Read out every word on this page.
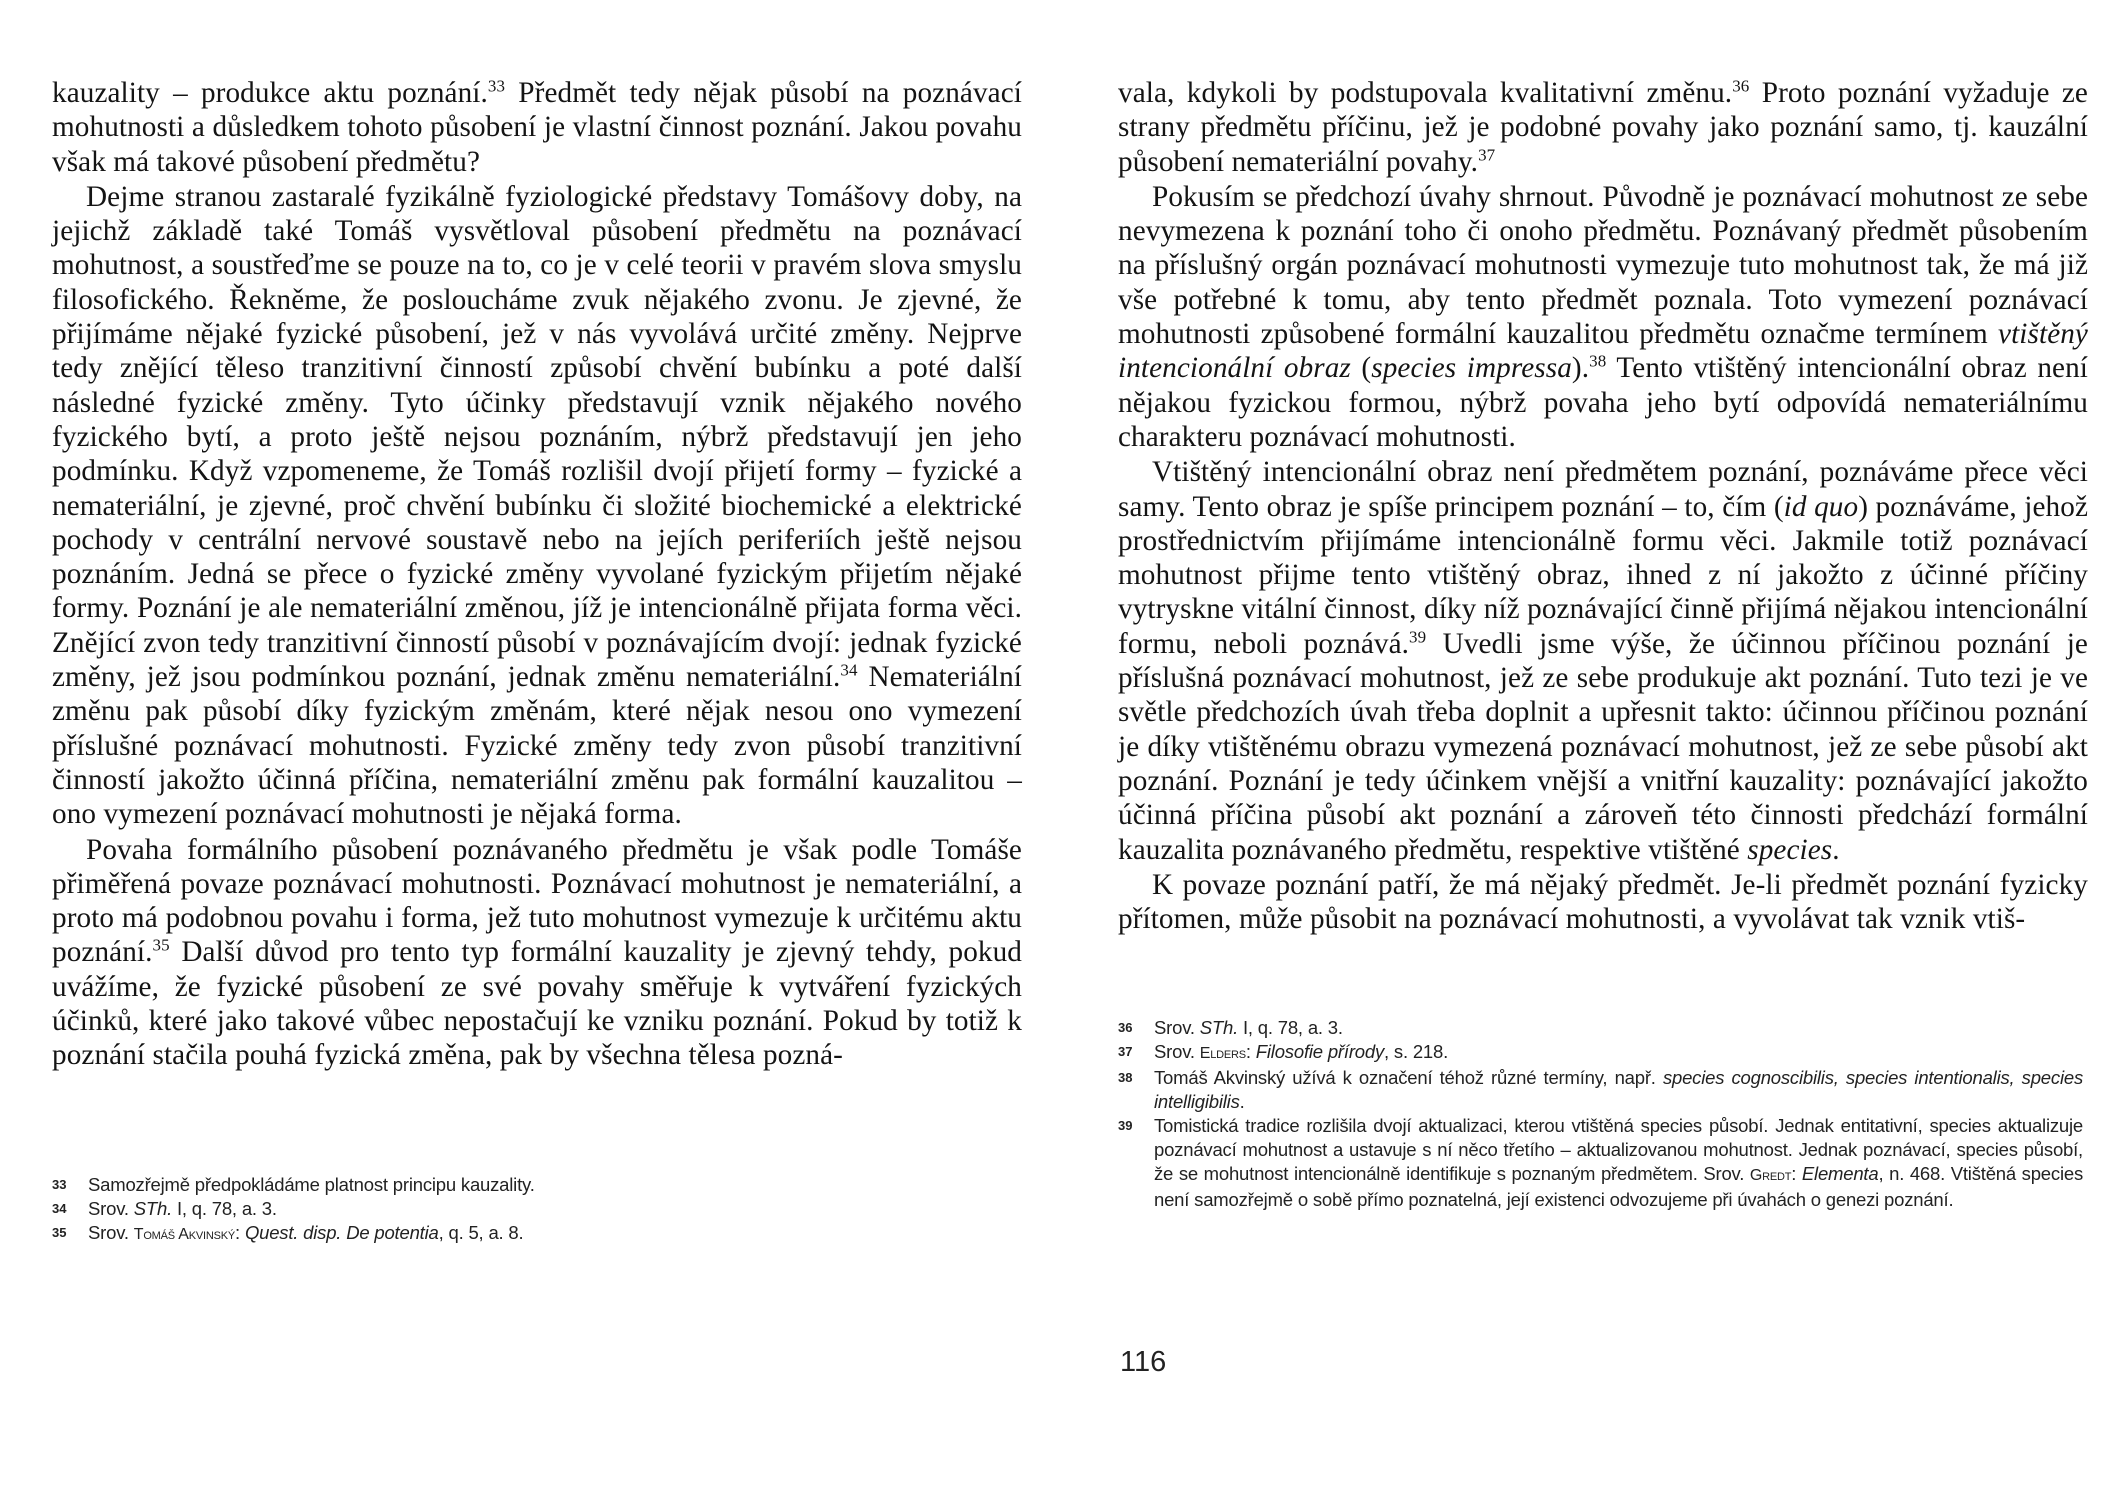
kauzality – produkce aktu poznání.$^{33}$ Předmět tedy nějak působí na poznávací mohutnosti a důsledkem tohoto působení je vlastní činnost poznání. Jakou povahu však má takové působení předmětu?

Dejme stranou zastaralé fyzikálně fyziologické představy Tomášovy doby, na jejichž základě také Tomáš vysvětloval působení předmětu na poznávací mohutnost, a soustřeďme se pouze na to, co je v celé teorii v pravém slova smyslu filosofického. Řekněme, že posloucháme zvuk nějakého zvonu. Je zjevné, že přijímáme nějaké fyzické působení, jež v nás vyvolává určité změny. Nejprve tedy znějící těleso tranzitivní činností způsobí chvění bubínku a poté další následné fyzické změny. Tyto účinky představují vznik nějakého nového fyzického bytí, a proto ještě nejsou poznáním, nýbrž představují jen jeho podmínku. Když vzpomeneme, že Tomáš rozlišil dvojí přijetí formy – fyzické a nemateriální, je zjevné, proč chvění bubínku či složité biochemické a elektrické pochody v centrální nervové soustavě nebo na jejích periferiích ještě nejsou poznáním. Jedná se přece o fyzické změny vyvolané fyzickým přijetím nějaké formy. Poznání je ale nemateriální změnou, jíž je intencionálně přijata forma věci. Znějící zvon tedy tranzitivní činností působí v poznávajícím dvojí: jednak fyzické změny, jež jsou podmínkou poznání, jednak změnu nemateriální.$^{34}$ Nemateriální změnu pak působí díky fyzickým změnám, které nějak nesou ono vymezení příslušné poznávací mohutnosti. Fyzické změny tedy zvon působí tranzitivní činností jakožto účinná příčina, nemateriální změnu pak formální kauzalitou – ono vymezení poznávací mohutnosti je nějaká forma.

Povaha formálního působení poznávaného předmětu je však podle Tomáše přiměřená povaze poznávací mohutnosti. Poznávací mohutnost je nemateriální, a proto má podobnou povahu i forma, jež tuto mohutnost vymezuje k určitému aktu poznání.$^{35}$ Další důvod pro tento typ formální kauzality je zjevný tehdy, pokud uvážíme, že fyzické působení ze své povahy směřuje k vytváření fyzických účinků, které jako takové vůbec nepostačují ke vzniku poznání. Pokud by totiž k poznání stačila pouhá fyzická změna, pak by všechna tělesa pozná-

33	Samozřejmě předpokládáme platnost principu kauzality.
34	Srov. STh. I, q. 78, a. 3.
35	Srov. Tomáš Akvinský: Quest. disp. De potentia, q. 5, a. 8.

vala, kdykoli by podstupovala kvalitativní změnu.$^{36}$ Proto poznání vyžaduje ze strany předmětu příčinu, jež je podobné povahy jako poznání samo, tj. kauzální působení nemateriální povahy.$^{37}$

Pokusím se předchozí úvahy shrnout. Původně je poznávací mohutnost ze sebe nevymezena k poznání toho či onoho předmětu. Poznávaný předmět působením na příslušný orgán poznávací mohutnosti vymezuje tuto mohutnost tak, že má již vše potřebné k tomu, aby tento předmět poznala. Toto vymezení poznávací mohutnosti způsobené formální kauzalitou předmětu označme termínem vtištěný intencionální obraz (species impressa).$^{38}$ Tento vtištěný intencionální obraz není nějakou fyzickou formou, nýbrž povaha jeho bytí odpovídá nemateriálnímu charakteru poznávací mohutnosti.

Vtištěný intencionální obraz není předmětem poznání, poznáváme přece věci samy. Tento obraz je spíše principem poznání – to, čím (id quo) poznáváme, jehož prostřednictvím přijímáme intencionálně formu věci. Jakmile totiž poznávací mohutnost přijme tento vtištěný obraz, ihned z ní jakožto z účinné příčiny vytryskne vitální činnost, díky níž poznávající činně přijímá nějakou intencionální formu, neboli poznává.$^{39}$ Uvedli jsme výše, že účinnou příčinou poznání je příslušná poznávací mohutnost, jež ze sebe produkuje akt poznání. Tuto tezi je ve světle předchozích úvah třeba doplnit a upřesnit takto: účinnou příčinou poznání je díky vtištěnému obrazu vymezená poznávací mohutnost, jež ze sebe působí akt poznání. Poznání je tedy účinkem vnější a vnitřní kauzality: poznávající jakožto účinná příčina působí akt poznání a zároveň této činnosti předchází formální kauzalita poznávaného předmětu, respektive vtištěné species.

K povaze poznání patří, že má nějaký předmět. Je-li předmět poznání fyzicky přítomen, může působit na poznávací mohutnosti, a vyvolávat tak vznik vtiš-

36	Srov. STh. I, q. 78, a. 3.
37	Srov. Elders: Filosofie přírody, s. 218.
38	Tomáš Akvinský užívá k označení téhož různé termíny, např. species cognoscibilis, species intentionalis, species intelligibilis.
39	Tomistická tradice rozlišila dvojí aktualizaci, kterou vtištěná species působí. Jednak entitativní, species aktualizuje poznávací mohutnost a ustavuje s ní něco třetího – aktualizovanou mohutnost. Jednak poznávací, species působí, že se mohutnost intencionálně identifikuje s poznaným předmětem. Srov. Gredt: Elementa, n. 468. Vtištěná species není samozřejmě o sobě přímo poznatelná, její existenci odvozujeme při úvahách o genezi poznání.
116
